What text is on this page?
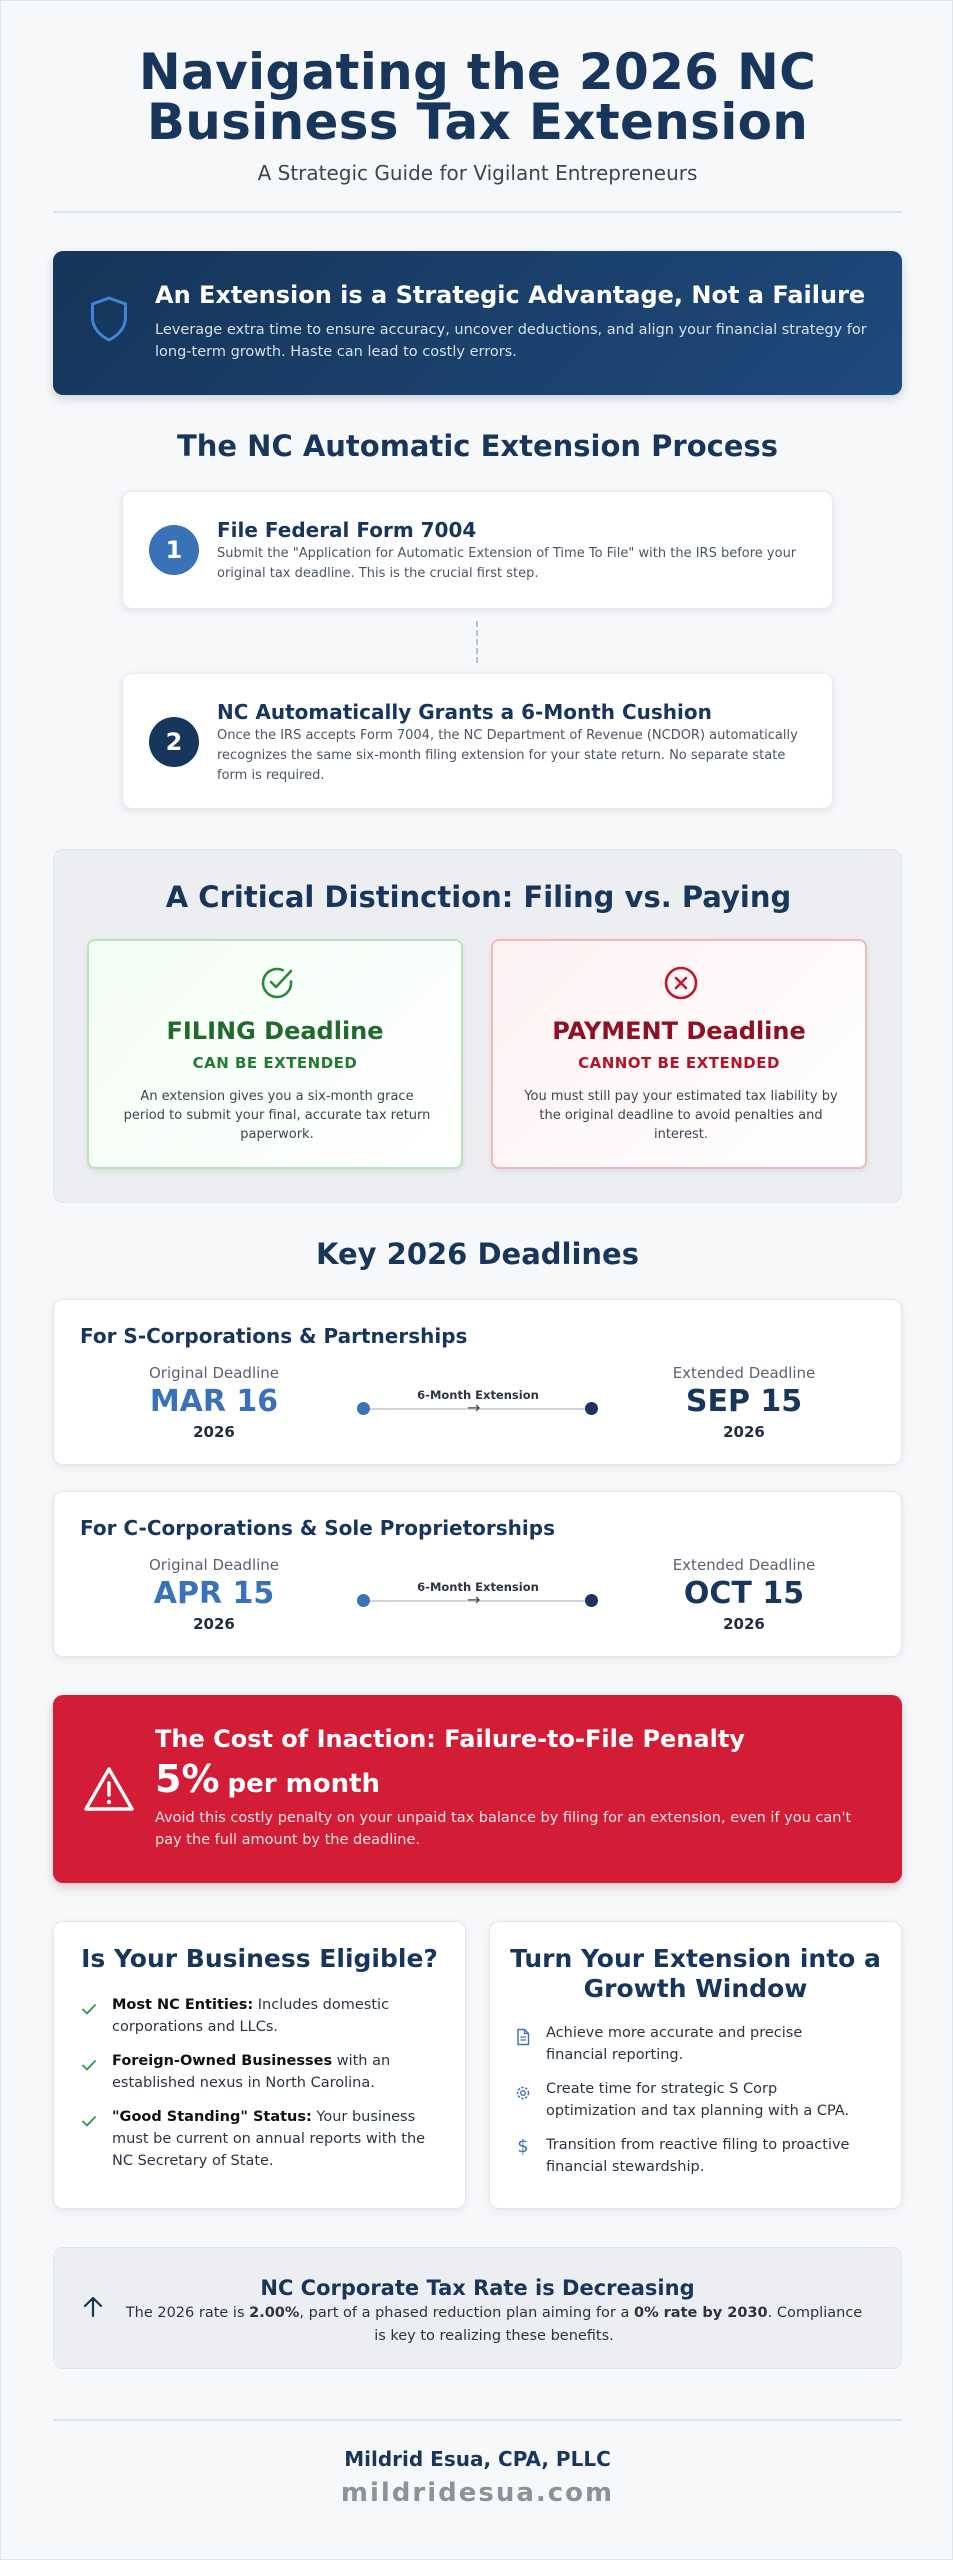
Navigating the 2026 NC
Business Tax Extension
A Strategic Guide for Vigilant Entrepreneurs
An Extension is a Strategic Advantage, Not a Failure
Leverage extra time to ensure accuracy, uncover deductions, and align your financial strategy for long-term growth. Haste can lead to costly errors.
The NC Automatic Extension Process
1
File Federal Form 7004
Submit the "Application for Automatic Extension of Time To File" with the IRS before your original tax deadline. This is the crucial first step.
2
NC Automatically Grants a 6-Month Cushion
Once the IRS accepts Form 7004, the NC Department of Revenue (NCDOR) automatically recognizes the same six-month filing extension for your state return. No separate state form is required.
A Critical Distinction: Filing vs. Paying
FILING Deadline
CAN BE EXTENDED
An extension gives you a six-month grace period to submit your final, accurate tax return paperwork.
PAYMENT Deadline
CANNOT BE EXTENDED
You must still pay your estimated tax liability by the original deadline to avoid penalties and interest.
Key 2026 Deadlines
For S-Corporations & Partnerships
Original Deadline
MAR 16
2026
6-Month Extension
→
Extended Deadline
SEP 15
2026
For C-Corporations & Sole Proprietorships
Original Deadline
APR 15
2026
6-Month Extension
→
Extended Deadline
OCT 15
2026
The Cost of Inaction: Failure-to-File Penalty
5% per month
Avoid this costly penalty on your unpaid tax balance by filing for an extension, even if you can't pay the full amount by the deadline.
Is Your Business Eligible?
Most NC Entities: Includes domestic corporations and LLCs.
Foreign-Owned Businesses with an established nexus in North Carolina.
"Good Standing" Status: Your business must be current on annual reports with the NC Secretary of State.
Turn Your Extension into a Growth Window
Achieve more accurate and precise financial reporting.
Create time for strategic S Corp optimization and tax planning with a CPA.
$ Transition from reactive filing to proactive financial stewardship.
NC Corporate Tax Rate is Decreasing
The 2026 rate is 2.00%, part of a phased reduction plan aiming for a 0% rate by 2030. Compliance is key to realizing these benefits.
Mildrid Esua, CPA, PLLC
mildridesua.com
